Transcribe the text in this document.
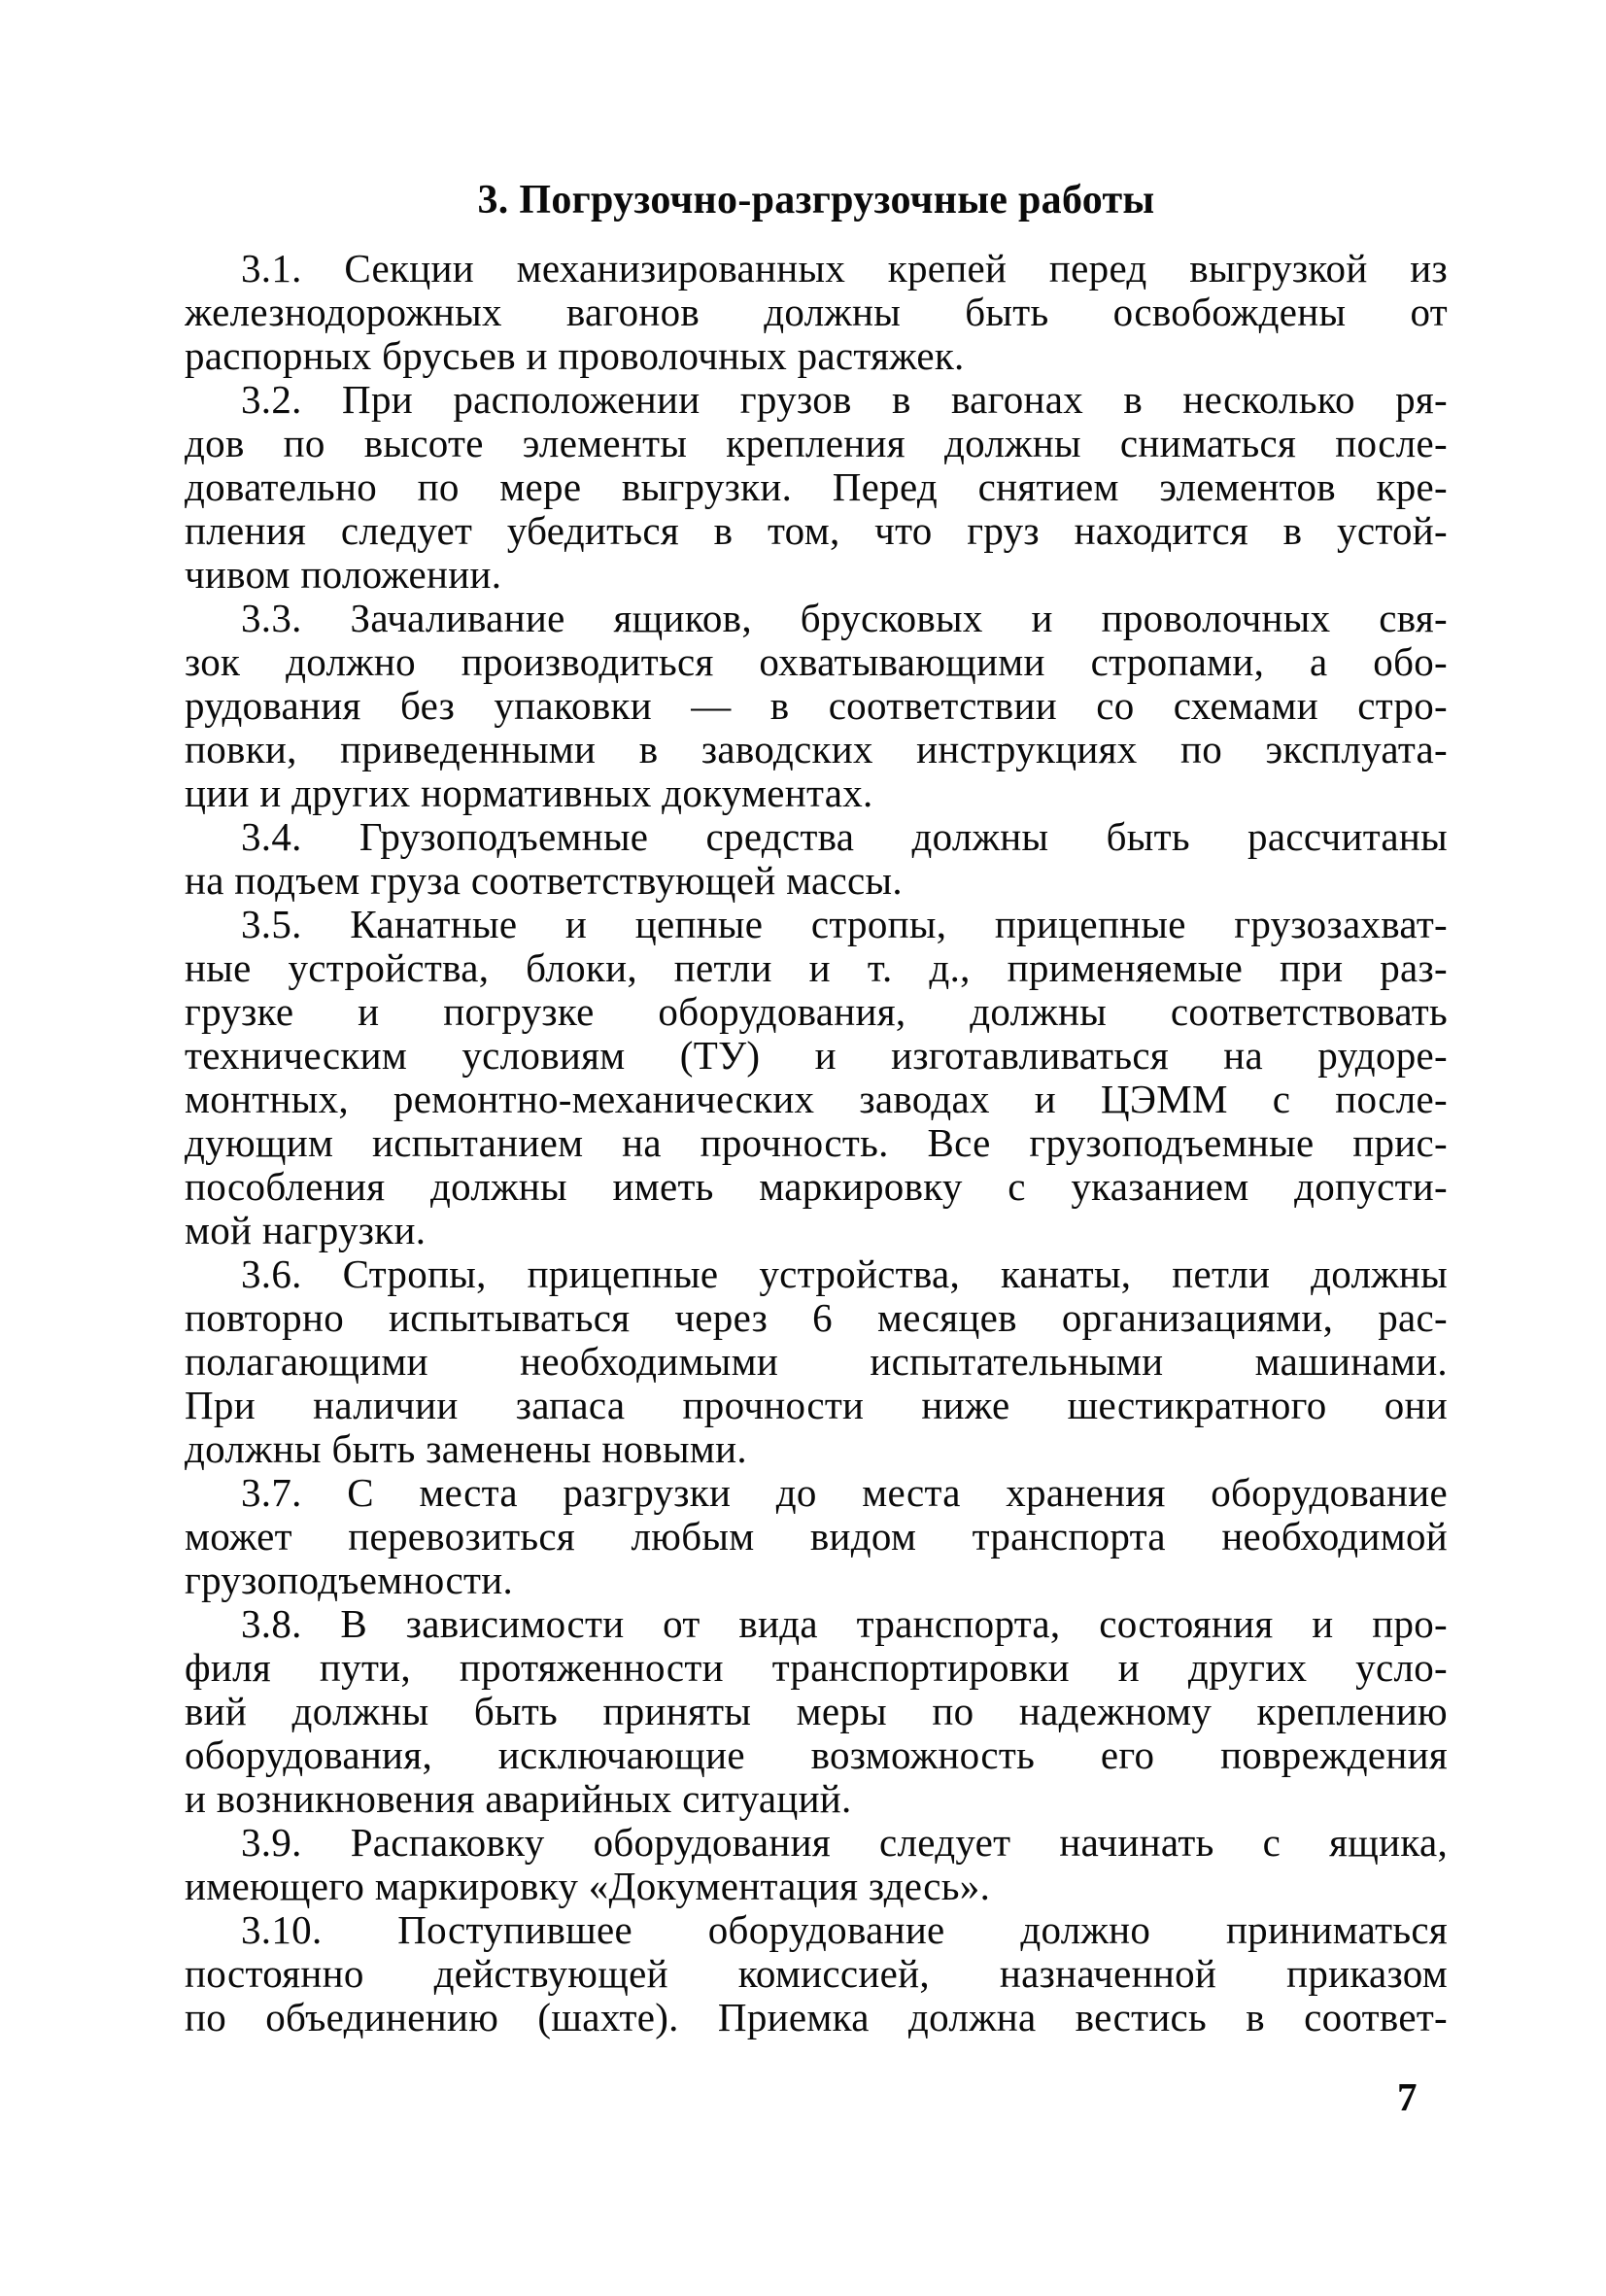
3. Погрузочно-разгрузочные работы
3.1. Секции механизированных крепей перед выгрузкой из
железнодорожных вагонов должны быть освобождены от
распорных брусьев и проволочных растяжек.
3.2. При расположении грузов в вагонах в несколько ря-
дов по высоте элементы крепления должны сниматься после-
довательно по мере выгрузки. Перед снятием элементов кре-
пления следует убедиться в том, что груз находится в устой-
чивом положении.
3.3. Зачаливание ящиков, брусковых и проволочных свя-
зок должно производиться охватывающими стропами, а обо-
рудования без упаковки — в соответствии со схемами стро-
повки, приведенными в заводских инструкциях по эксплуата-
ции и других нормативных документах.
3.4. Грузоподъемные средства должны быть рассчитаны
на подъем груза соответствующей массы.
3.5. Канатные и цепные стропы, прицепные грузозахват-
ные устройства, блоки, петли и т. д., применяемые при раз-
грузке и погрузке оборудования, должны соответствовать
техническим условиям (ТУ) и изготавливаться на рудоре-
монтных, ремонтно-механических заводах и ЦЭММ с после-
дующим испытанием на прочность. Все грузоподъемные прис-
пособления должны иметь маркировку с указанием допусти-
мой нагрузки.
3.6. Стропы, прицепные устройства, канаты, петли должны
повторно испытываться через 6 месяцев организациями, рас-
полагающими необходимыми испытательными машинами.
При наличии запаса прочности ниже шестикратного они
должны быть заменены новыми.
3.7. С места разгрузки до места хранения оборудование
может перевозиться любым видом транспорта необходимой
грузоподъемности.
3.8. В зависимости от вида транспорта, состояния и про-
филя пути, протяженности транспортировки и других усло-
вий должны быть приняты меры по надежному креплению
оборудования, исключающие возможность его повреждения
и возникновения аварийных ситуаций.
3.9. Распаковку оборудования следует начинать с ящика,
имеющего маркировку «Документация здесь».
3.10. Поступившее оборудование должно приниматься
постоянно действующей комиссией, назначенной приказом
по объединению (шахте). Приемка должна вестись в соответ-
7
